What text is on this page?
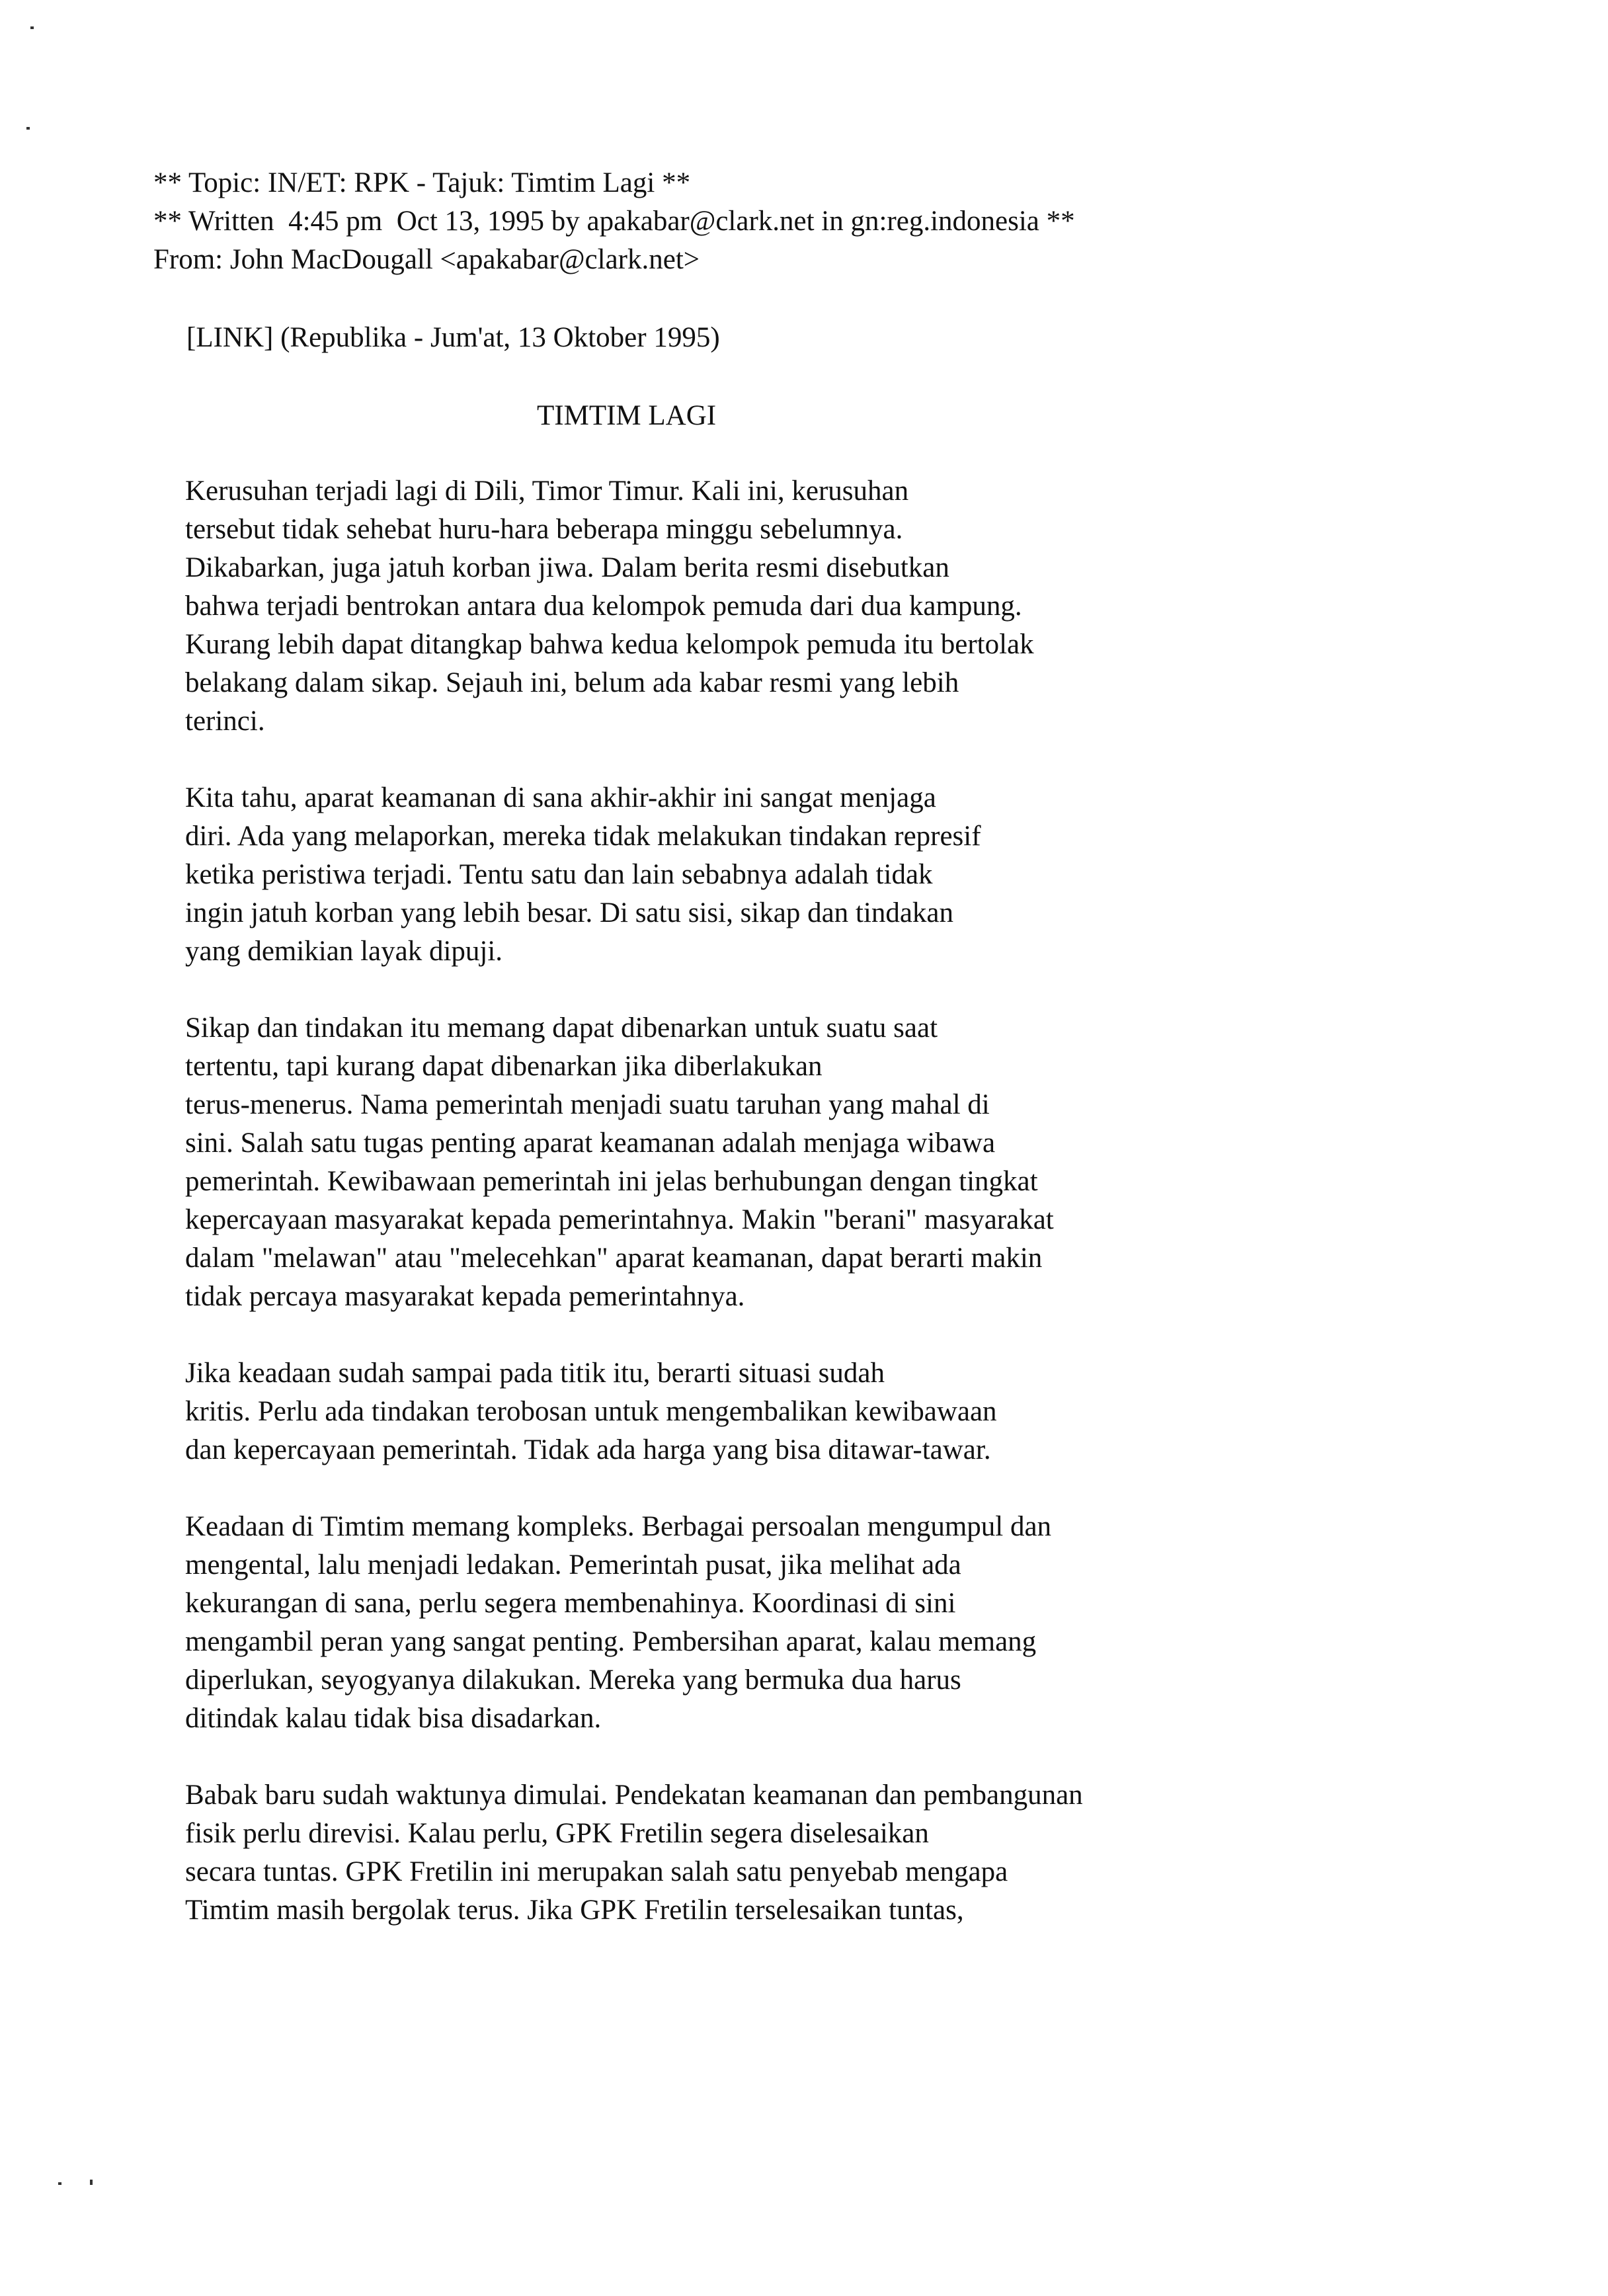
** Topic: IN/ET: RPK - Tajuk: Timtim Lagi **
** Written  4:45 pm  Oct 13, 1995 by apakabar@clark.net in gn:reg.indonesia **
From: John MacDougall <apakabar@clark.net>
[LINK] (Republika - Jum'at, 13 Oktober 1995)
TIMTIM LAGI
Kerusuhan terjadi lagi di Dili, Timor Timur. Kali ini, kerusuhan
tersebut tidak sehebat huru-hara beberapa minggu sebelumnya.
Dikabarkan, juga jatuh korban jiwa. Dalam berita resmi disebutkan
bahwa terjadi bentrokan antara dua kelompok pemuda dari dua kampung.
Kurang lebih dapat ditangkap bahwa kedua kelompok pemuda itu bertolak
belakang dalam sikap. Sejauh ini, belum ada kabar resmi yang lebih
terinci.
Kita tahu, aparat keamanan di sana akhir-akhir ini sangat menjaga
diri. Ada yang melaporkan, mereka tidak melakukan tindakan represif
ketika peristiwa terjadi. Tentu satu dan lain sebabnya adalah tidak
ingin jatuh korban yang lebih besar. Di satu sisi, sikap dan tindakan
yang demikian layak dipuji.
Sikap dan tindakan itu memang dapat dibenarkan untuk suatu saat
tertentu, tapi kurang dapat dibenarkan jika diberlakukan
terus-menerus. Nama pemerintah menjadi suatu taruhan yang mahal di
sini. Salah satu tugas penting aparat keamanan adalah menjaga wibawa
pemerintah. Kewibawaan pemerintah ini jelas berhubungan dengan tingkat
kepercayaan masyarakat kepada pemerintahnya. Makin "berani" masyarakat
dalam "melawan" atau "melecehkan" aparat keamanan, dapat berarti makin
tidak percaya masyarakat kepada pemerintahnya.
Jika keadaan sudah sampai pada titik itu, berarti situasi sudah
kritis. Perlu ada tindakan terobosan untuk mengembalikan kewibawaan
dan kepercayaan pemerintah. Tidak ada harga yang bisa ditawar-tawar.
Keadaan di Timtim memang kompleks. Berbagai persoalan mengumpul dan
mengental, lalu menjadi ledakan. Pemerintah pusat, jika melihat ada
kekurangan di sana, perlu segera membenahinya. Koordinasi di sini
mengambil peran yang sangat penting. Pembersihan aparat, kalau memang
diperlukan, seyogyanya dilakukan. Mereka yang bermuka dua harus
ditindak kalau tidak bisa disadarkan.
Babak baru sudah waktunya dimulai. Pendekatan keamanan dan pembangunan
fisik perlu direvisi. Kalau perlu, GPK Fretilin segera diselesaikan
secara tuntas. GPK Fretilin ini merupakan salah satu penyebab mengapa
Timtim masih bergolak terus. Jika GPK Fretilin terselesaikan tuntas,
